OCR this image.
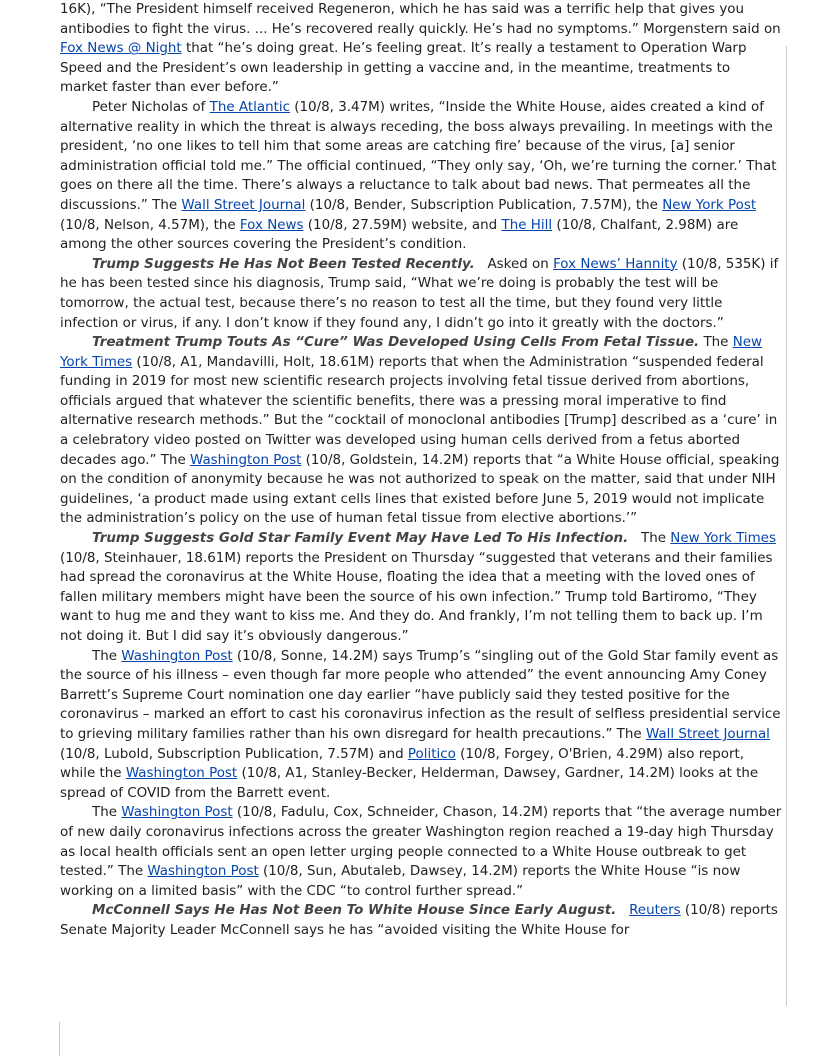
16K), “The President himself received Regeneron, which he has said was a terrific help that gives you antibodies to fight the virus. ... He’s recovered really quickly. He’s had no symptoms.” Morgenstern said on Fox News @ Night that “he’s doing great. He’s feeling great. It’s really a testament to Operation Warp Speed and the President’s own leadership in getting a vaccine and, in the meantime, treatments to market faster than ever before.”

Peter Nicholas of The Atlantic (10/8, 3.47M) writes, “Inside the White House, aides created a kind of alternative reality in which the threat is always receding, the boss always prevailing. In meetings with the president, ‘no one likes to tell him that some areas are catching fire’ because of the virus, [a] senior administration official told me.” The official continued, “They only say, ‘Oh, we’re turning the corner.’ That goes on there all the time. There’s always a reluctance to talk about bad news. That permeates all the discussions.” The Wall Street Journal (10/8, Bender, Subscription Publication, 7.57M), the New York Post (10/8, Nelson, 4.57M), the Fox News (10/8, 27.59M) website, and The Hill (10/8, Chalfant, 2.98M) are among the other sources covering the President’s condition.

Trump Suggests He Has Not Been Tested Recently.   Asked on Fox News’ Hannity (10/8, 535K) if he has been tested since his diagnosis, Trump said, “What we’re doing is probably the test will be tomorrow, the actual test, because there’s no reason to test all the time, but they found very little infection or virus, if any. I don’t know if they found any, I didn’t go into it greatly with the doctors.”

Treatment Trump Touts As “Cure” Was Developed Using Cells From Fetal Tissue. The New York Times (10/8, A1, Mandavilli, Holt, 18.61M) reports that when the Administration “suspended federal funding in 2019 for most new scientific research projects involving fetal tissue derived from abortions, officials argued that whatever the scientific benefits, there was a pressing moral imperative to find alternative research methods.” But the “cocktail of monoclonal antibodies [Trump] described as a ‘cure’ in a celebratory video posted on Twitter was developed using human cells derived from a fetus aborted decades ago.” The Washington Post (10/8, Goldstein, 14.2M) reports that “a White House official, speaking on the condition of anonymity because he was not authorized to speak on the matter, said that under NIH guidelines, ‘a product made using extant cells lines that existed before June 5, 2019 would not implicate the administration’s policy on the use of human fetal tissue from elective abortions.’”

Trump Suggests Gold Star Family Event May Have Led To His Infection.   The New York Times (10/8, Steinhauer, 18.61M) reports the President on Thursday “suggested that veterans and their families had spread the coronavirus at the White House, floating the idea that a meeting with the loved ones of fallen military members might have been the source of his own infection.” Trump told Bartiromo, “They want to hug me and they want to kiss me. And they do. And frankly, I’m not telling them to back up. I’m not doing it. But I did say it’s obviously dangerous.”

The Washington Post (10/8, Sonne, 14.2M) says Trump’s “singling out of the Gold Star family event as the source of his illness – even though far more people who attended” the event announcing Amy Coney Barrett’s Supreme Court nomination one day earlier “have publicly said they tested positive for the coronavirus – marked an effort to cast his coronavirus infection as the result of selfless presidential service to grieving military families rather than his own disregard for health precautions.” The Wall Street Journal (10/8, Lubold, Subscription Publication, 7.57M) and Politico (10/8, Forgey, O'Brien, 4.29M) also report, while the Washington Post (10/8, A1, Stanley-Becker, Helderman, Dawsey, Gardner, 14.2M) looks at the spread of COVID from the Barrett event.

The Washington Post (10/8, Fadulu, Cox, Schneider, Chason, 14.2M) reports that “the average number of new daily coronavirus infections across the greater Washington region reached a 19-day high Thursday as local health officials sent an open letter urging people connected to a White House outbreak to get tested.” The Washington Post (10/8, Sun, Abutaleb, Dawsey, 14.2M) reports the White House “is now working on a limited basis” with the CDC “to control further spread.”

McConnell Says He Has Not Been To White House Since Early August. Reuters (10/8) reports Senate Majority Leader McConnell says he has “avoided visiting the White House for
